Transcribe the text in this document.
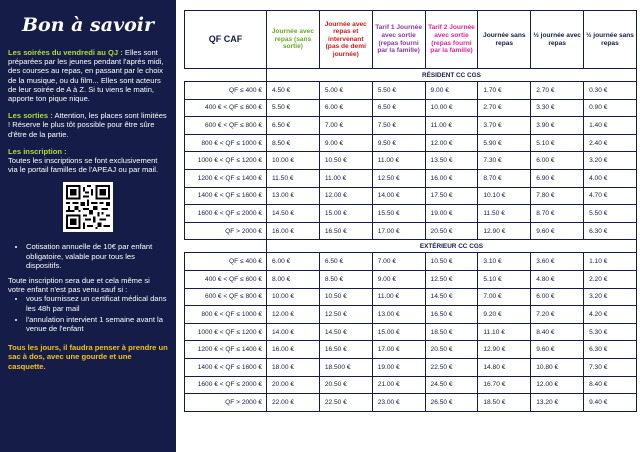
Bon à savoir
Les soirées du vendredi au QJ : Elles sont préparées par les jeunes pendant l'après midi, des courses au repas, en passant par le choix de la musique, ou du film... Elles sont acteurs de leur soirée de A à Z. Si tu viens le matin, apporte ton pique nique.
Les sorties : Attention, les places sont limitées ! Réserve le plus tôt possible pour être sûre d'être de la partie.
Les inscription :
Toutes les inscriptions se font exclusivement via le portail familles de l'APEAJ ou par mail.
• Cotisation annuelle de 10€ par enfant obligatoire, valable pour tous les dispositifs.
Toute inscription sera due et cela même si votre enfant n'est pas venu sauf si :
• vous fournissez un certificat médical dans les 48h par mail
• l'annulation intervient 1 semaine avant la venue de l'enfant
Tous les jours, il faudra penser à prendre un sac à dos, avec une gourde et une casquette.
QF CAF	Journée avec repas (sans sortie)	Journée avec repas et intervenant (pas de demi journée)	Tarif 1 Journée avec sortie (repas fourni par la famille)	Tarif 2 Journée avec sortie (repas fourni par la famille)	Journée sans repas	½ journée avec repas	½ journée sans repas
	RÉSIDENT CC CGS						
QF ≤ 400 €	4.50 €	5.00 €	5.50 €	9.00 €	1.70 €	2.70 €	0.30 €
400 € < QF ≤ 600 €	5.50 €	6.00 €	6.50 €	10.00 €	2.70 €	3.30 €	0.90 €
600 € < QF ≤ 800 €	6.50 €	7.00 €	7.50 €	11.00 €	3.70 €	3.90 €	1.40 €
800 € < QF ≤ 1000 €	8.50 €	9.00 €	9.50 €	12.00 €	5.90 €	5.10 €	2.40 €
1000 € < QF ≤ 1200 €	10.00 €	10.50 €	11.00 €	13.50 €	7.30 €	6.00 €	3.20 €
1200 € < QF ≤ 1400 €	11.50 €	11.00 €	12.50 €	16.00 €	8.70 €	6.90 €	4.00 €
1400 € < QF ≤ 1600 €	13.00 €	12.00 €	14.00 €	17.50 €	10.10 €	7.80 €	4.70 €
1600 € < QF ≤ 2000 €	14.50 €	15.00 €	15.50 €	19.00 €	11.50 €	8.70 €	5.50 €
QF > 2000 €	16.00 €	16.50 €	17.00 €	20.50 €	12.90 €	9.60 €	6.30 €
	EXTÉRIEUR CC CGS						
QF ≤ 400 €	6.00 €	6.50 €	7.00 €	10.50 €	3.10 €	3.60 €	1.10 €
400 € < QF ≤ 600 €	8.00 €	8.50 €	9.00 €	12.50 €	5.10 €	4.80 €	2.20 €
600 € < QF ≤ 800 €	10.00 €	10.50 €	11.00 €	14.50 €	7.00 €	6.00 €	3.20 €
800 € < QF ≤ 1000 €	12.00 €	12.50 €	13.00 €	16.50 €	9.20 €	7.20 €	4.20 €
1000 € < QF ≤ 1200 €	14.00 €	14.50 €	15.00 €	18.50 €	11.10 €	8.40 €	5.30 €
1200 € < QF ≤ 1400 €	16.00 €	16.50 €	17.00 €	20.50 €	12.90 €	9.60 €	6.30 €
1400 € < QF ≤ 1600 €	18.00 €	18.500 €	19.00 €	22.50 €	14.80 €	10.80 €	7.30 €
1600 € < QF ≤ 2000 €	20.00 €	20.50 €	21.00 €	24.50 €	16.70 €	12.00 €	8.40 €
QF > 2000 €	22.00 €	22.50 €	23.00 €	26.50 €	18.50 €	13.20 €	9.40 €
